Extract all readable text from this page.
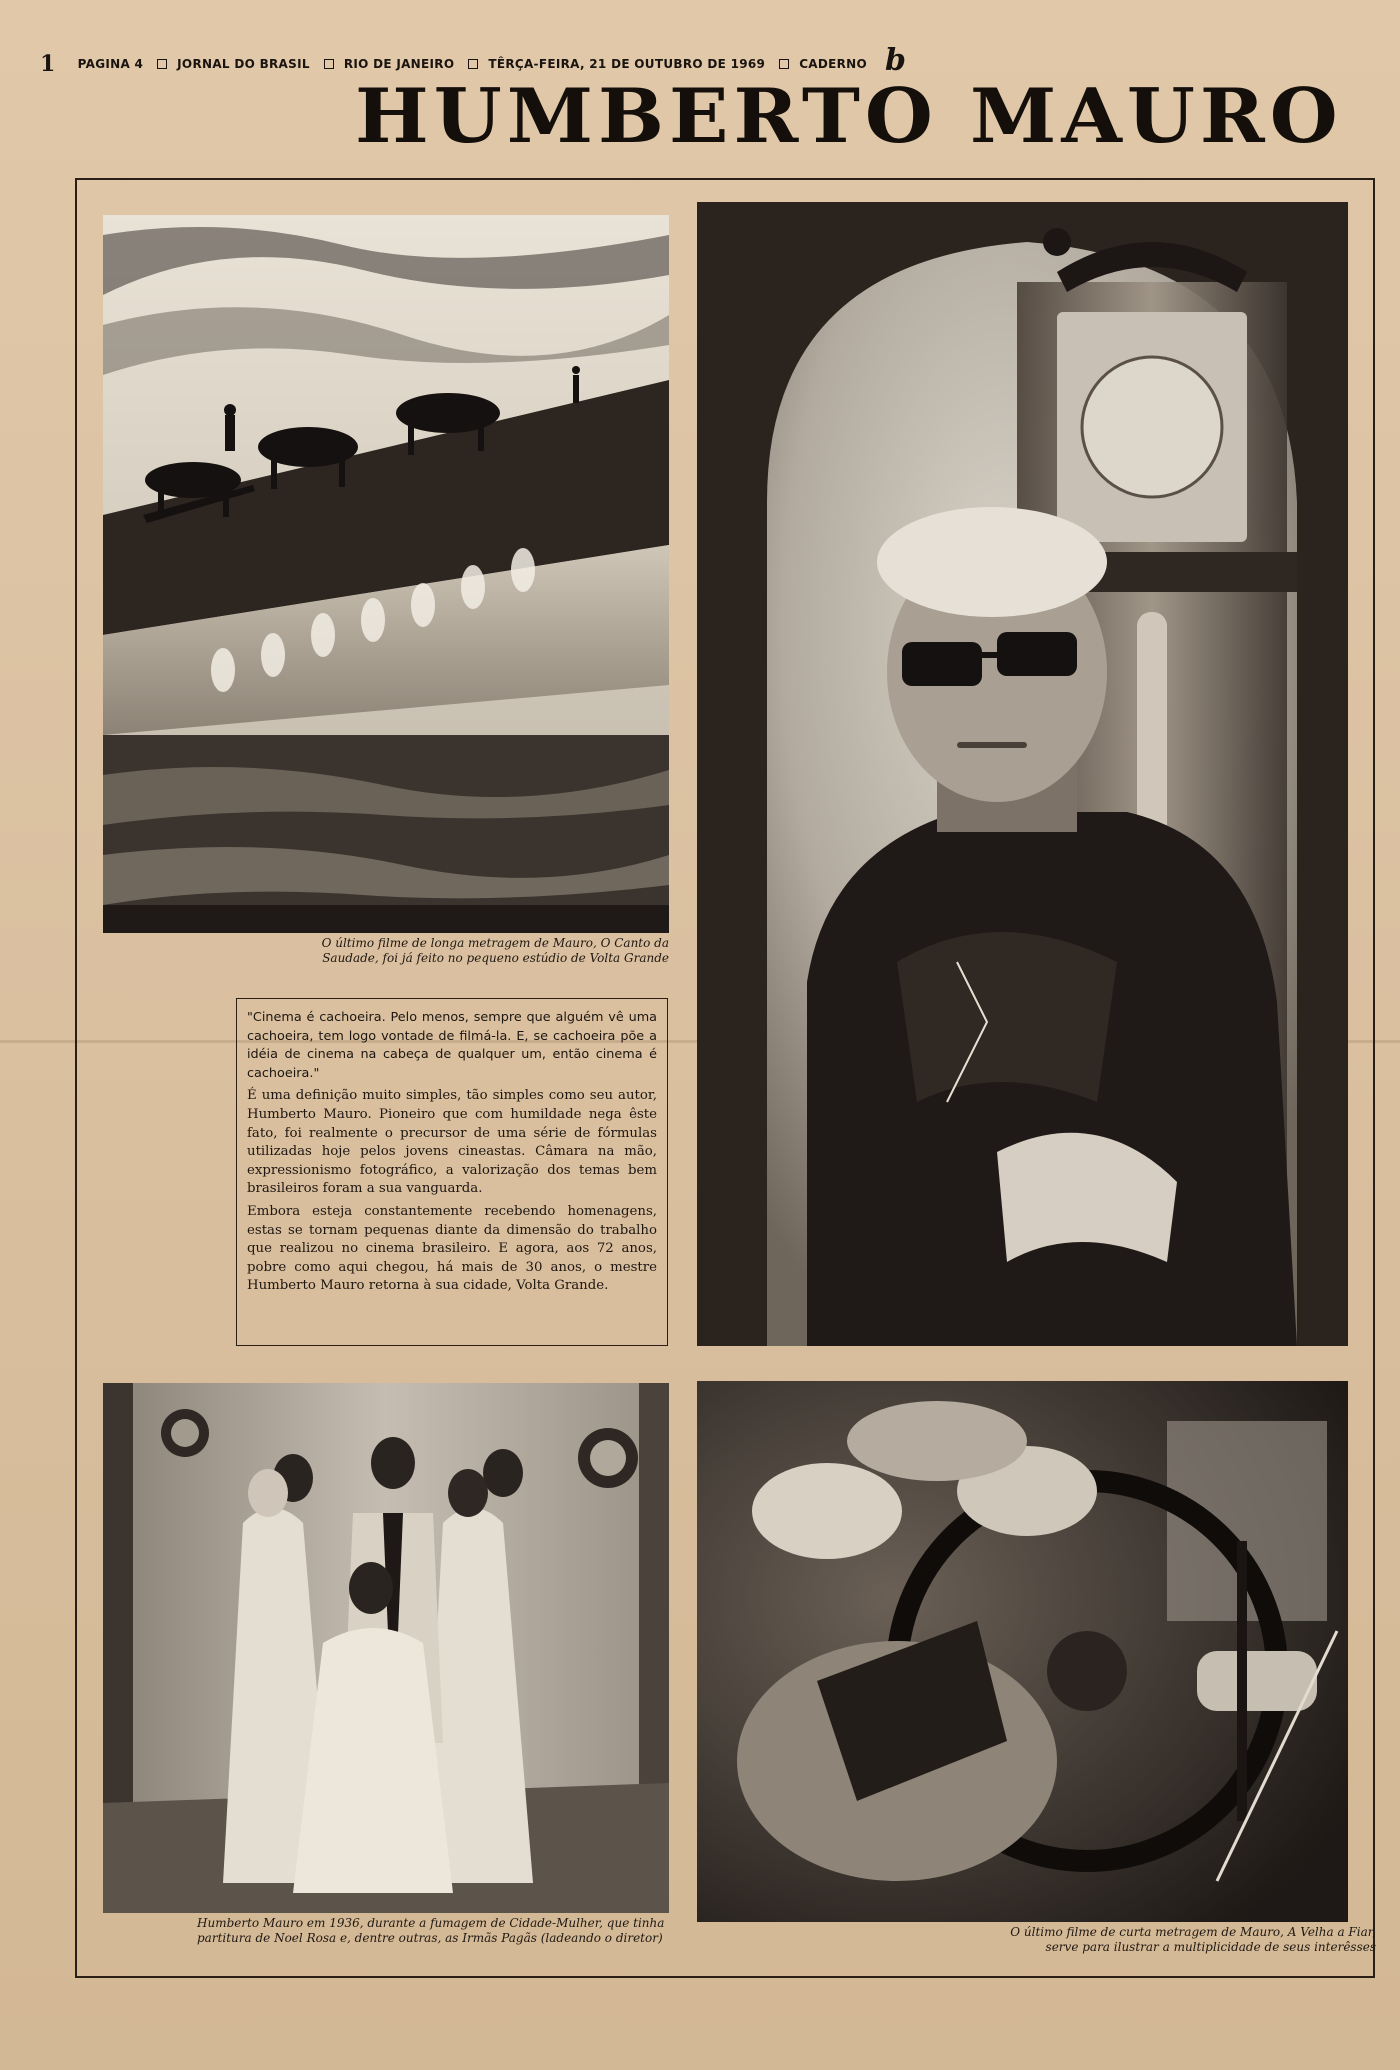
1 PAGINA 4	JORNAL DO BRASIL	RIO DE JANEIRO	TÊRÇA-FEIRA, 21 DE OUTUBRO DE 1969	CADERNO b
HUMBERTO MAURO
O último filme de longa metragem de Mauro, O Canto da Saudade, foi já feito no pequeno estúdio de Volta Grande

"Cinema é cachoeira. Pelo menos, sempre que alguém vê uma cachoeira, tem logo vontade de filmá-la. E, se cachoeira põe a idéia de cinema na cabeça de qualquer um, então cinema é cachoeira."

É uma definição muito simples, tão simples como seu autor, Humberto Mauro. Pioneiro que com humildade nega êste fato, foi realmente o precursor de uma série de fórmulas utilizadas hoje pelos jovens cineastas. Câmara na mão, expressionismo fotográfico, a valorização dos temas bem brasileiros foram a sua vanguarda.

Embora esteja constantemente recebendo homenagens, estas se tornam pequenas diante da dimensão do trabalho que realizou no cinema brasileiro. E agora, aos 72 anos, pobre como aqui chegou, há mais de 30 anos, o mestre Humberto Mauro retorna à sua cidade, Volta Grande.

Humberto Mauro em 1936, durante a fumagem de Cidade-Mulher, que tinha partitura de Noel Rosa e, dentre outras, as Irmãs Pagãs (ladeando o diretor)	O último filme de curta metragem de Mauro, A Velha a Fiar, serve para ilustrar a multiplicidade de seus interêsses
